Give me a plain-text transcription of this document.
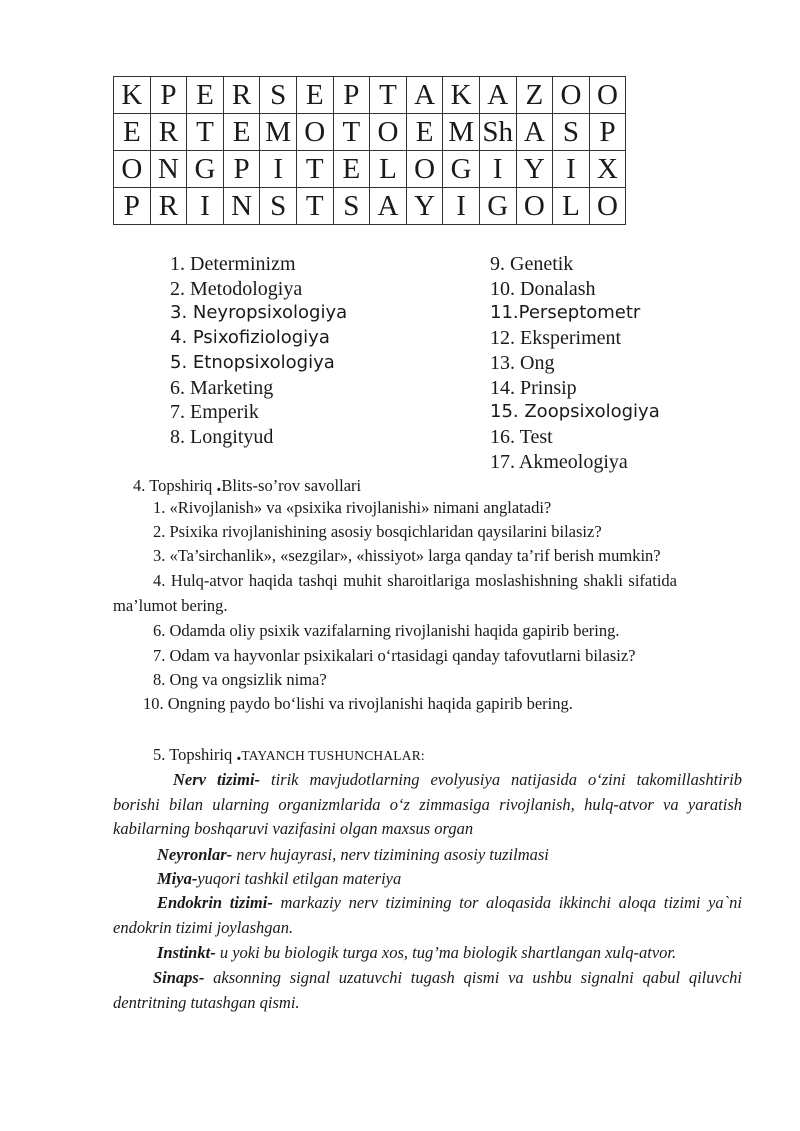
K	P	E	R	S	E	P	T	A	K	A	Z	O	O
E	R	T	E	M	O	T	O	E	M	Sh	A	S	P
O	N	G	P	I	T	E	L	O	G	I	Y	I	X
P	R	I	N	S	T	S	A	Y	I	G	O	L	O
1. Determinizm
2. Metodologiya
3. Neyropsixologiya
4. Psixofiziologiya
5. Etnopsixologiya
6. Marketing
7. Emperik
8. Longityud
9. Genetik
10. Donalash
11.Perseptometr
12. Eksperiment
13. Ong
14. Prinsip
15. Zoopsixologiya
16. Test
17. Akmeologiya
4. Topshiriq .Blits-so’rov savollari
1. «Rivojlanish» va «psixika rivojlanishi» nimani anglatadi?
2. Psixika rivojlanishining asosiy bosqichlaridan qaysilarini bilasiz?
3. «Ta’sirchanlik», «sezgilar», «hissiyot» larga qanday ta’rif berish mumkin?
4. Hulq-atvor haqida tashqi muhit sharoitlariga moslashishning shakli sifatida
ma’lumot bering.
6. Odamda oliy psixik vazifalarning rivojlanishi haqida gapirib bering.
7. Odam va hayvonlar psixikalari o‘rtasidagi qanday tafovutlarni bilasiz?
8. Ong va ongsizlik nima?
10. Ongning paydo bo‘lishi va rivojlanishi haqida gapirib bering.
5. Topshiriq .TAYANCH TUSHUNCHALAR:
Nerv tizimi- tirik mavjudotlarning evolyusiya natijasida o‘zini takomillashtirib borishi bilan ularning organizmlarida o‘z zimmasiga rivojlanish, hulq-atvor va yaratish kabilarning boshqaruvi vazifasini olgan maxsus organ
Neyronlar- nerv hujayrasi, nerv tizimining asosiy tuzilmasi
Miya-yuqori tashkil etilgan materiya
Endokrin tizimi- markaziy nerv tizimining tor aloqasida ikkinchi aloqa tizimi ya`ni endokrin tizimi joylashgan.
Instinkt- u yoki bu biologik turga xos, tug’ma biologik shartlangan xulq-atvor.
Sinaps- aksonning signal uzatuvchi tugash qismi va ushbu signalni qabul qiluvchi dentritning tutashgan qismi.
